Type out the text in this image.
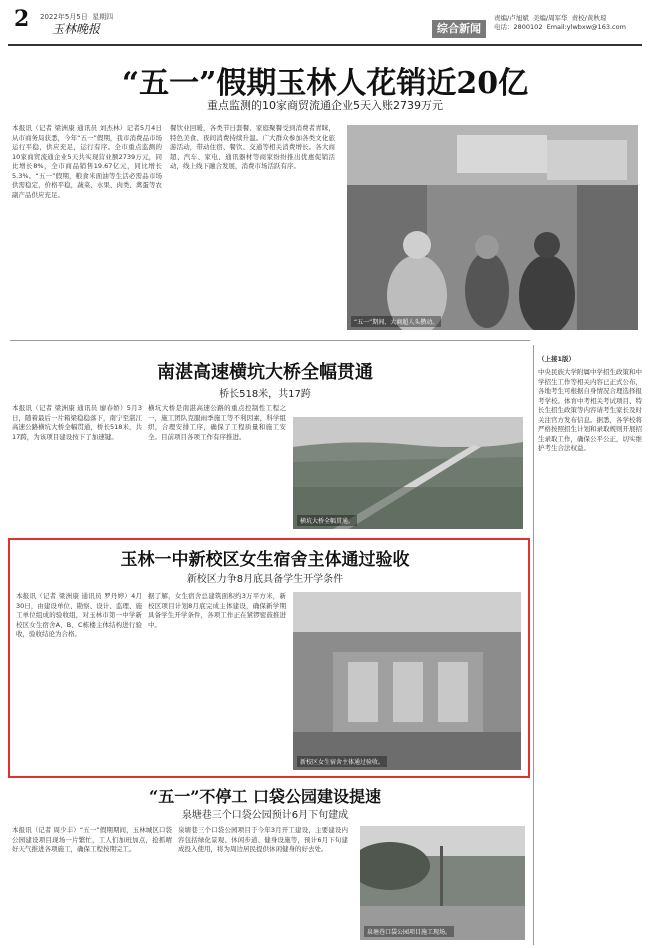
2 2022年5月5日 星期四
玉林晚报	综合新闻
责编/卢旭斌  美编/周军华  责校/黄秋琼
电话：2800102  Email:ylwbxw@163.com
“五一”假期玉林人花销近20亿
重点监测的10家商贸流通企业5天入账2739万元
本报讯（记者 梁洲康 通讯员 刘杰林）记者5月4日从市商务局获悉，今年“五一”假期，我市消费品市场运行平稳，供应充足，运行有序。全市重点监测的10家商贸流通企业5天共实现营业额2739万元，同比增长8%，全市商品销售19.67亿元，同比增长5.3%。“五一”假期，粮食米面油等生活必需品市场供需稳定，价格平稳，蔬菜、水果、肉类、禽蛋等农副产品供应充足。
餐饮业回暖，各类节日套餐、家庭聚餐受到消费者青睐，特色美食、夜间消费持续升温。广大群众参加各类文化旅游活动，带动住宿、餐饮、交通等相关消费增长。各大商超、汽车、家电、通讯器材等商家纷纷推出优惠促销活动，线上线下融合发展，消费市场活跃有序。
“五一”期间，大商超人头攒动。
南湛高速横坑大桥全幅贯通
桥长518米，共17跨
本报讯（记者 梁洲康 通讯员 廖春娇）5月3日，随着最后一片箱梁稳稳落下，南宁至湛江高速公路横坑大桥全幅贯通，桥长518米，共17跨，为该项目建设按下了加速键。
横坑大桥是南湛高速公路的重点控制性工程之一，施工团队克服雨季施工等不利因素，科学组织，合理安排工序，确保了工程质量和施工安全。目前项目各项工作有序推进。
横坑大桥全幅贯通。
玉林一中新校区女生宿舍主体通过验收
新校区力争8月底具备学生开学条件
本报讯（记者 梁洲康 通讯员 罗丹婷）4月30日，由建设单位、勘察、设计、监理、施工单位组成的验收组，对玉林市第一中学新校区女生宿舍A、B、C栋楼主体结构进行验收，验收结论为合格。
据了解，女生宿舍总建筑面积约3万平方米，新校区项目计划8月底完成主体建设，确保新学期具备学生开学条件，各项工作正在紧锣密鼓推进中。
新校区女生宿舍主体通过验收。
“五一”不停工 口袋公园建设提速
泉塘巷三个口袋公园预计6月下旬建成
本报讯（记者 周少丰）“五一”假期期间，玉林城区口袋公园建设项目现场一片繁忙，工人们加班加点，抢抓晴好天气推进各项施工，确保工程按期完工。
泉塘巷三个口袋公园项目于今年3月开工建设，主要建设内容包括绿化景观、休闲步道、健身设施等，预计6月下旬建成投入使用，将为周边居民提供休闲健身的好去处。
泉塘巷口袋公园项目施工现场。
（上接1版）
中央民族大学附属中学招生政策和中学招生工作等相关内容已正式公布，各地考生可根据自身情况合理选择报考学校。体育中考相关考试项目、特长生招生政策等内容请考生家长及时关注官方发布信息。据悉，各学校将严格按照招生计划和录取规则开展招生录取工作，确保公平公正，切实维护考生合法权益。
